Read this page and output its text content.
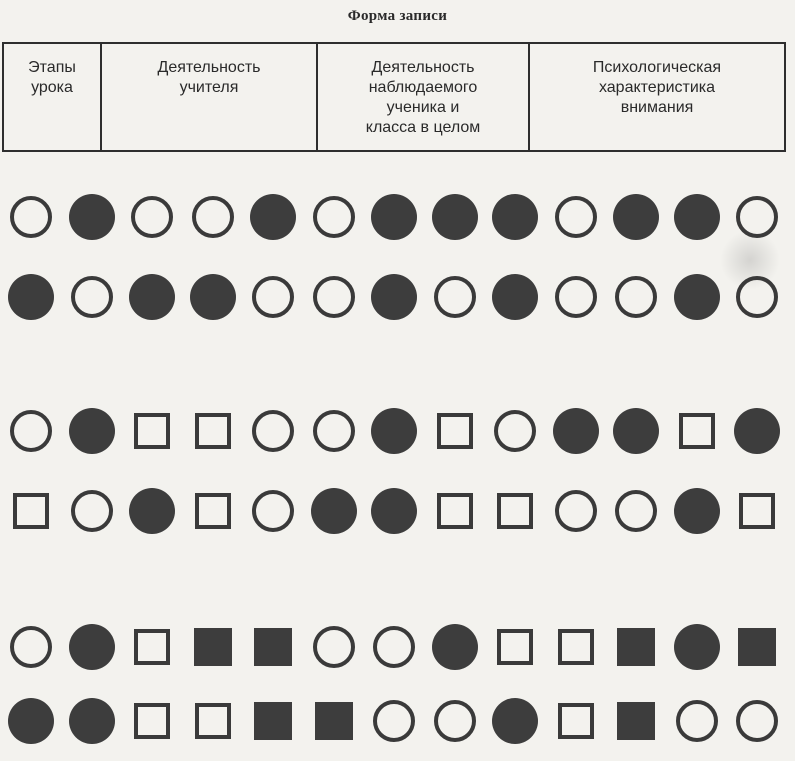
Форма записи
Этапы
урока	Деятельность
учителя	Деятельность
наблюдаемого
ученика и
класса в целом	Психологическая
характеристика
внимания
